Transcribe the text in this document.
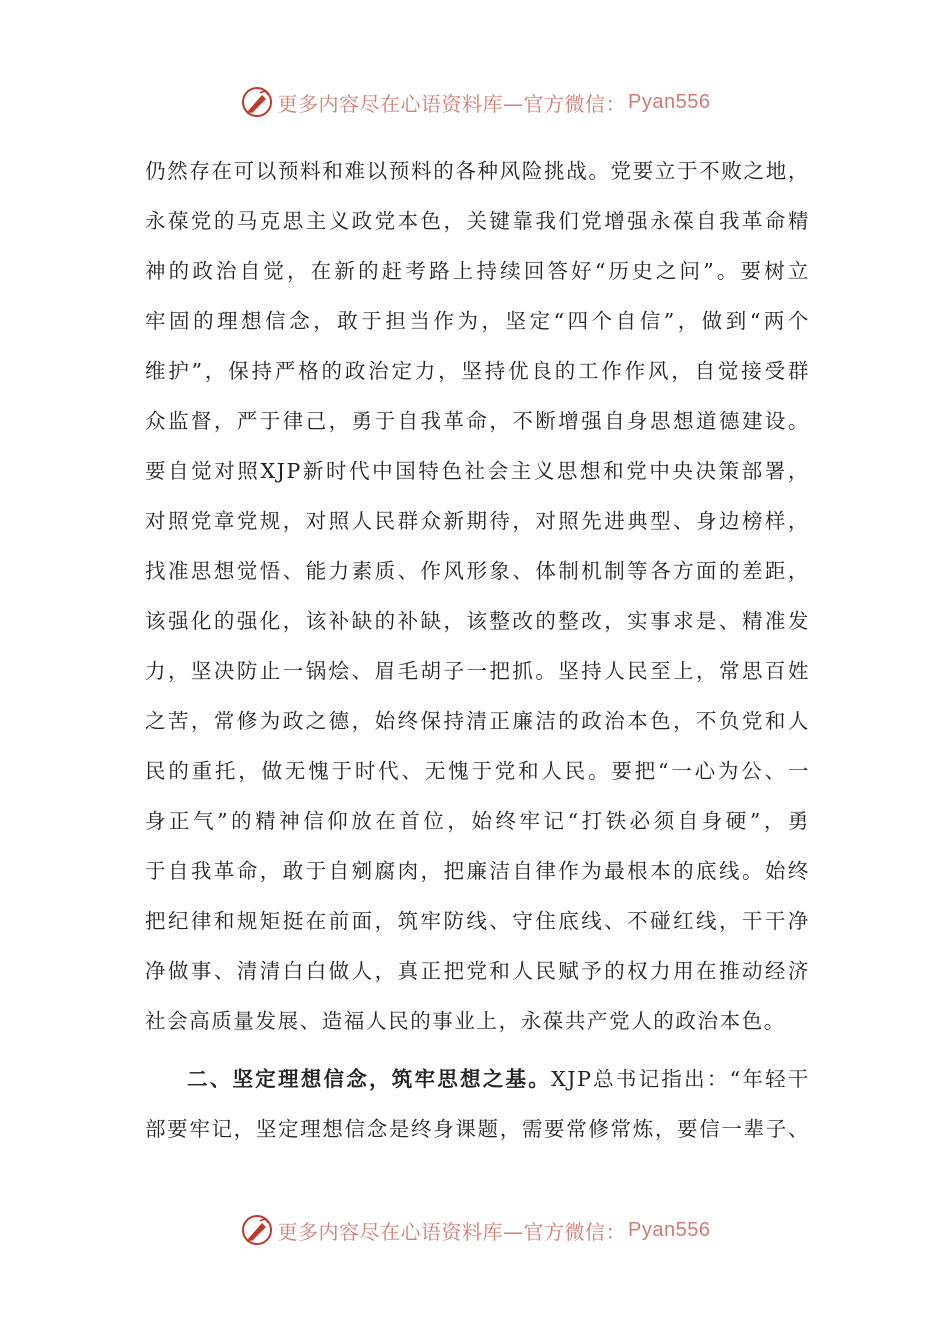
更多内容尽在心语资料库—官方微信： Pyan556
仍然存在可以预料和难以预料的各种风险挑战。党要立于不败之地，
永葆党的马克思主义政党本色，关键靠我们党增强永葆自我革命精
神的政治自觉，在新的赶考路上持续回答好“历史之问”。要树立
牢固的理想信念，敢于担当作为，坚定“四个自信”，做到“两个
维护”，保持严格的政治定力，坚持优良的工作作风，自觉接受群
众监督，严于律己，勇于自我革命，不断增强自身思想道德建设。
要自觉对照XJP新时代中国特色社会主义思想和党中央决策部署，
对照党章党规，对照人民群众新期待，对照先进典型、身边榜样，
找准思想觉悟、能力素质、作风形象、体制机制等各方面的差距，
该强化的强化，该补缺的补缺，该整改的整改，实事求是、精准发
力，坚决防止一锅烩、眉毛胡子一把抓。坚持人民至上，常思百姓
之苦，常修为政之德，始终保持清正廉洁的政治本色，不负党和人
民的重托，做无愧于时代、无愧于党和人民。要把“一心为公、一
身正气”的精神信仰放在首位，始终牢记“打铁必须自身硬”，勇
于自我革命，敢于自剜腐肉，把廉洁自律作为最根本的底线。始终
把纪律和规矩挺在前面，筑牢防线、守住底线、不碰红线，干干净
净做事、清清白白做人，真正把党和人民赋予的权力用在推动经济
社会高质量发展、造福人民的事业上，永葆共产党人的政治本色。
二、坚定理想信念，筑牢思想之基。XJP总书记指出：“年轻干
部要牢记，坚定理想信念是终身课题，需要常修常炼，要信一辈子、
更多内容尽在心语资料库—官方微信： Pyan556
